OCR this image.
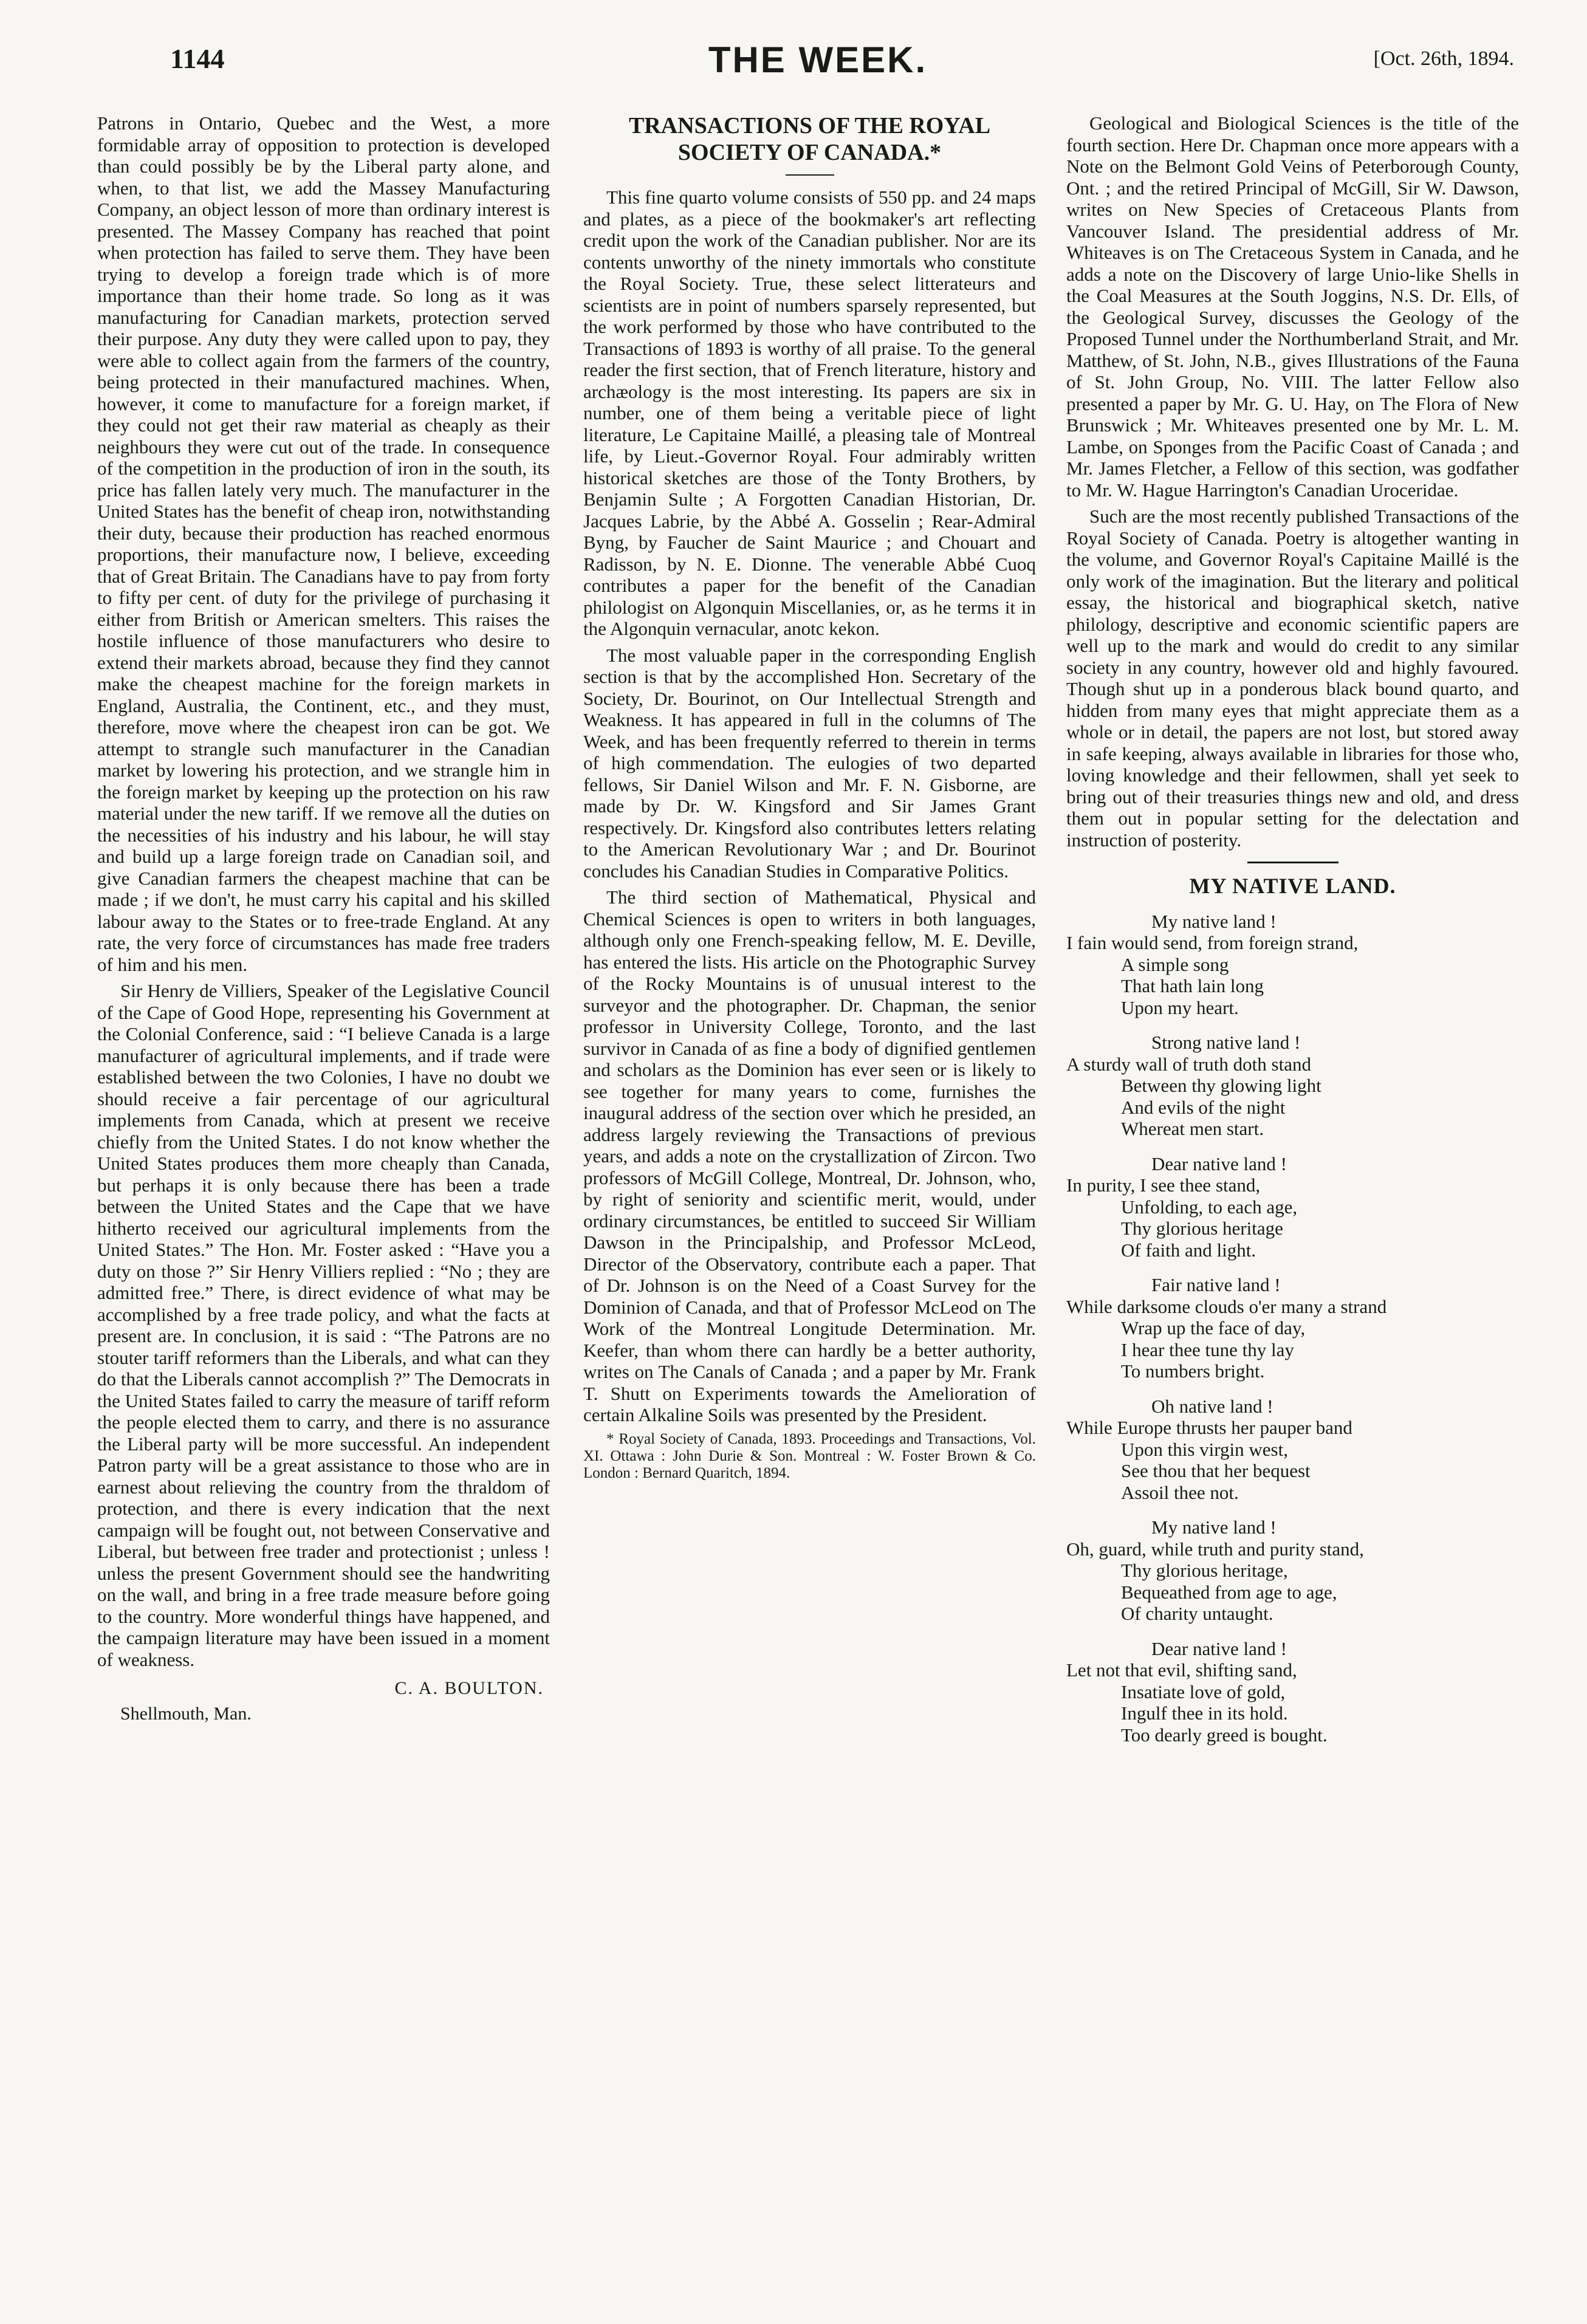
1144	THE WEEK.	[Oct. 26th, 1894.

Patrons in Ontario, Quebec and the West, a more formidable array of opposition to protection is developed than could possibly be by the Liberal party alone, and when, to that list, we add the Massey Manufacturing Company, an object lesson of more than ordinary interest is presented. The Massey Company has reached that point when protection has failed to serve them. They have been trying to develop a foreign trade which is of more importance than their home trade. So long as it was manufacturing for Canadian markets, protection served their purpose. Any duty they were called upon to pay, they were able to collect again from the farmers of the country, being protected in their manufactured machines. When, however, it come to manufacture for a foreign market, if they could not get their raw material as cheaply as their neighbours they were cut out of the trade. In consequence of the competition in the production of iron in the south, its price has fallen lately very much. The manufacturer in the United States has the benefit of cheap iron, notwithstanding their duty, because their production has reached enormous proportions, their manufacture now, I believe, exceeding that of Great Britain. The Canadians have to pay from forty to fifty per cent. of duty for the privilege of purchasing it either from British or American smelters. This raises the hostile influence of those manufacturers who desire to extend their markets abroad, because they find they cannot make the cheapest machine for the foreign markets in England, Australia, the Continent, etc., and they must, therefore, move where the cheapest iron can be got. We attempt to strangle such manufacturer in the Canadian market by lowering his protection, and we strangle him in the foreign market by keeping up the protection on his raw material under the new tariff. If we remove all the duties on the necessities of his industry and his labour, he will stay and build up a large foreign trade on Canadian soil, and give Canadian farmers the cheapest machine that can be made ; if we don't, he must carry his capital and his skilled labour away to the States or to free-trade England. At any rate, the very force of circumstances has made free traders of him and his men.

Sir Henry de Villiers, Speaker of the Legislative Council of the Cape of Good Hope, representing his Government at the Colonial Conference, said : “I believe Canada is a large manufacturer of agricultural implements, and if trade were established between the two Colonies, I have no doubt we should receive a fair percentage of our agricultural implements from Canada, which at present we receive chiefly from the United States. I do not know whether the United States produces them more cheaply than Canada, but perhaps it is only because there has been a trade between the United States and the Cape that we have hitherto received our agricultural implements from the United States.” The Hon. Mr. Foster asked : “Have you a duty on those ?” Sir Henry Villiers replied : “No ; they are admitted free.” There, is direct evidence of what may be accomplished by a free trade policy, and what the facts at present are. In conclusion, it is said : “The Patrons are no stouter tariff reformers than the Liberals, and what can they do that the Liberals cannot accomplish ?” The Democrats in the United States failed to carry the measure of tariff reform the people elected them to carry, and there is no assurance the Liberal party will be more successful. An independent Patron party will be a great assistance to those who are in earnest about relieving the country from the thraldom of protection, and there is every indication that the next campaign will be fought out, not between Conservative and Liberal, but between free trader and protectionist ; unless ! unless the present Government should see the handwriting on the wall, and bring in a free trade measure before going to the country. More wonderful things have happened, and the campaign literature may have been issued in a moment of weakness.

C. A. BOULTON.

Shellmouth, Man.

TRANSACTIONS OF THE ROYAL SOCIETY OF CANADA.*

This fine quarto volume consists of 550 pp. and 24 maps and plates, as a piece of the bookmaker's art reflecting credit upon the work of the Canadian publisher. Nor are its contents unworthy of the ninety immortals who constitute the Royal Society. True, these select litterateurs and scientists are in point of numbers sparsely represented, but the work performed by those who have contributed to the Transactions of 1893 is worthy of all praise. To the general reader the first section, that of French literature, history and archæology is the most interesting. Its papers are six in number, one of them being a veritable piece of light literature, Le Capitaine Maillé, a pleasing tale of Montreal life, by Lieut.-Governor Royal. Four admirably written historical sketches are those of the Tonty Brothers, by Benjamin Sulte ; A Forgotten Canadian Historian, Dr. Jacques Labrie, by the Abbé A. Gosselin ; Rear-Admiral Byng, by Faucher de Saint Maurice ; and Chouart and Radisson, by N. E. Dionne. The venerable Abbé Cuoq contributes a paper for the benefit of the Canadian philologist on Algonquin Miscellanies, or, as he terms it in the Algonquin vernacular, anotc kekon.

The most valuable paper in the corresponding English section is that by the accomplished Hon. Secretary of the Society, Dr. Bourinot, on Our Intellectual Strength and Weakness. It has appeared in full in the columns of The Week, and has been frequently referred to therein in terms of high commendation. The eulogies of two departed fellows, Sir Daniel Wilson and Mr. F. N. Gisborne, are made by Dr. W. Kingsford and Sir James Grant respectively. Dr. Kingsford also contributes letters relating to the American Revolutionary War ; and Dr. Bourinot concludes his Canadian Studies in Comparative Politics.

The third section of Mathematical, Physical and Chemical Sciences is open to writers in both languages, although only one French-speaking fellow, M. E. Deville, has entered the lists. His article on the Photographic Survey of the Rocky Mountains is of unusual interest to the surveyor and the photographer. Dr. Chapman, the senior professor in University College, Toronto, and the last survivor in Canada of as fine a body of dignified gentlemen and scholars as the Dominion has ever seen or is likely to see together for many years to come, furnishes the inaugural address of the section over which he presided, an address largely reviewing the Transactions of previous years, and adds a note on the crystallization of Zircon. Two professors of McGill College, Montreal, Dr. Johnson, who, by right of seniority and scientific merit, would, under ordinary circumstances, be entitled to succeed Sir William Dawson in the Principalship, and Professor McLeod, Director of the Observatory, contribute each a paper. That of Dr. Johnson is on the Need of a Coast Survey for the Dominion of Canada, and that of Professor McLeod on The Work of the Montreal Longitude Determination. Mr. Keefer, than whom there can hardly be a better authority, writes on The Canals of Canada ; and a paper by Mr. Frank T. Shutt on Experiments towards the Amelioration of certain Alkaline Soils was presented by the President.

* Royal Society of Canada, 1893. Proceedings and Transactions, Vol. XI. Ottawa : John Durie & Son. Montreal : W. Foster Brown & Co. London : Bernard Quaritch, 1894.

Geological and Biological Sciences is the title of the fourth section. Here Dr. Chapman once more appears with a Note on the Belmont Gold Veins of Peterborough County, Ont. ; and the retired Principal of McGill, Sir W. Dawson, writes on New Species of Cretaceous Plants from Vancouver Island. The presidential address of Mr. Whiteaves is on The Cretaceous System in Canada, and he adds a note on the Discovery of large Unio-like Shells in the Coal Measures at the South Joggins, N.S. Dr. Ells, of the Geological Survey, discusses the Geology of the Proposed Tunnel under the Northumberland Strait, and Mr. Matthew, of St. John, N.B., gives Illustrations of the Fauna of St. John Group, No. VIII. The latter Fellow also presented a paper by Mr. G. U. Hay, on The Flora of New Brunswick ; Mr. Whiteaves presented one by Mr. L. M. Lambe, on Sponges from the Pacific Coast of Canada ; and Mr. James Fletcher, a Fellow of this section, was godfather to Mr. W. Hague Harrington's Canadian Uroceridae.

Such are the most recently published Transactions of the Royal Society of Canada. Poetry is altogether wanting in the volume, and Governor Royal's Capitaine Maillé is the only work of the imagination. But the literary and political essay, the historical and biographical sketch, native philology, descriptive and economic scientific papers are well up to the mark and would do credit to any similar society in any country, however old and highly favoured. Though shut up in a ponderous black bound quarto, and hidden from many eyes that might appreciate them as a whole or in detail, the papers are not lost, but stored away in safe keeping, always available in libraries for those who, loving knowledge and their fellowmen, shall yet seek to bring out of their treasuries things new and old, and dress them out in popular setting for the delectation and instruction of posterity.

MY NATIVE LAND.
My native land !
I fain would send, from foreign strand,
A simple song
That hath lain long
Upon my heart.
Strong native land !
A sturdy wall of truth doth stand
Between thy glowing light
And evils of the night
Whereat men start.
Dear native land !
In purity, I see thee stand,
Unfolding, to each age,
Thy glorious heritage
Of faith and light.
Fair native land !
While darksome clouds o'er many a strand
Wrap up the face of day,
I hear thee tune thy lay
To numbers bright.
Oh native land !
While Europe thrusts her pauper band
Upon this virgin west,
See thou that her bequest
Assoil thee not.
My native land !
Oh, guard, while truth and purity stand,
Thy glorious heritage,
Bequeathed from age to age,
Of charity untaught.
Dear native land !
Let not that evil, shifting sand,
Insatiate love of gold,
Ingulf thee in its hold.
Too dearly greed is bought.
